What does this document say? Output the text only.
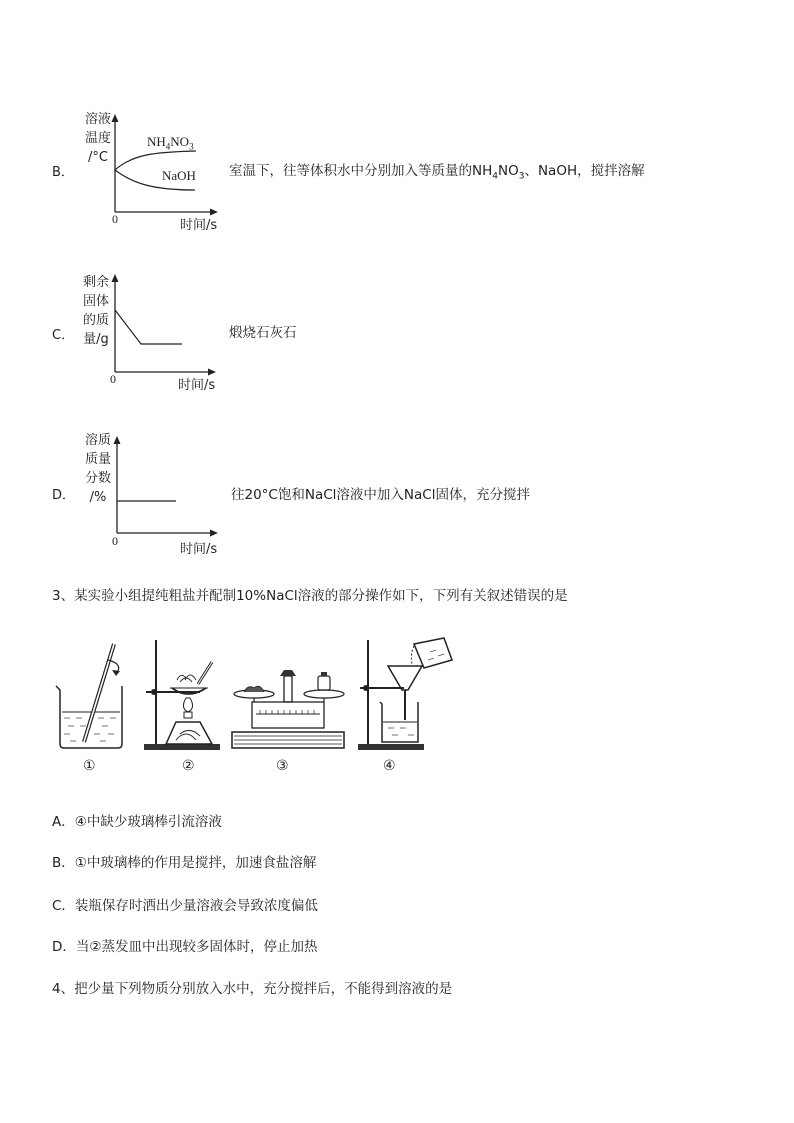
B．
溶液
温度
/°C
$NH_4NO_3$
NaOH
0	时间/s
室温下，往等体积水中分别加入等质量的$NH_4NO_3$、NaOH，搅拌溶解
C．
剩余
固体
的质
量/g
0	时间/s
煅烧石灰石
D．
溶质
质量
分数
/%
0
时间/s
往20°C饱和NaCl溶液中加入NaCl固体，充分搅拌
3、某实验小组提纯粗盐并配制10%NaCl溶液的部分操作如下，下列有关叙述错误的是
①	②	③	④
A．④中缺少玻璃棒引流溶液
B．①中玻璃棒的作用是搅拌，加速食盐溶解
C．装瓶保存时洒出少量溶液会导致浓度偏低
D．当②蒸发皿中出现较多固体时，停止加热
4、把少量下列物质分别放入水中，充分搅拌后，不能得到溶液的是
